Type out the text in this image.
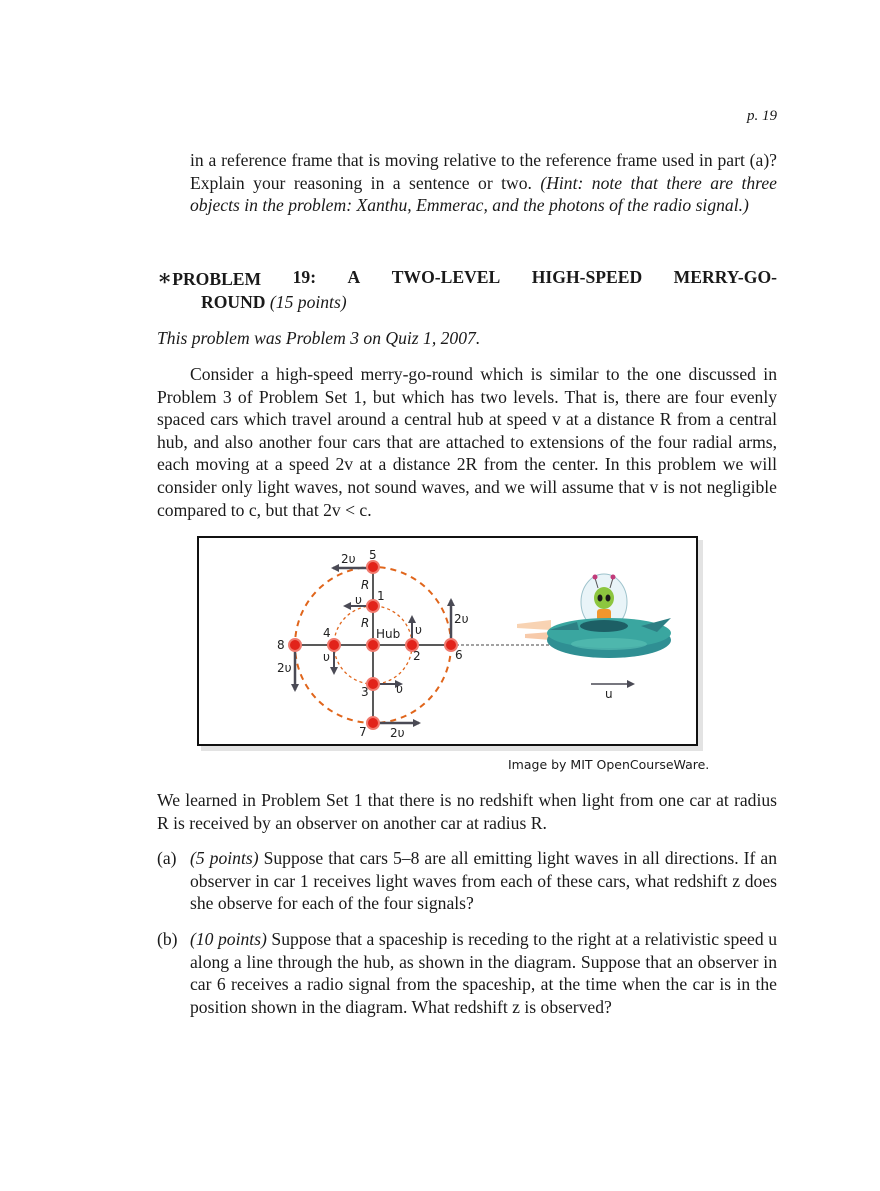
p. 19
in a reference frame that is moving relative to the reference frame used in part (a)? Explain your reasoning in a sentence or two. (Hint: note that there are three objects in the problem: Xanthu, Emmerac, and the photons of the radio signal.)
∗PROBLEM 19: A TWO-LEVEL HIGH-SPEED MERRY-GO-
ROUND (15 points)
This problem was Problem 3 on Quiz 1, 2007.
Consider a high-speed merry-go-round which is similar to the one discussed in Problem 3 of Problem Set 1, but which has two levels. That is, there are four evenly spaced cars which travel around a central hub at speed v at a distance R from a central hub, and also another four cars that are attached to extensions of the four radial arms, each moving at a speed 2v at a distance 2R from the center. In this problem we will consider only light waves, not sound waves, and we will assume that v is not negligible compared to c, but that 2v < c.
1
2
3
4
5
6
7
8
Hub
R
R
2υ
υ
υ
2υ
υ
2υ
υ
2υ
u
Image by MIT OpenCourseWare.
We learned in Problem Set 1 that there is no redshift when light from one car at radius R is received by an observer on another car at radius R.
(a) (5 points) Suppose that cars 5–8 are all emitting light waves in all directions. If an observer in car 1 receives light waves from each of these cars, what redshift z does she observe for each of the four signals?
(b) (10 points) Suppose that a spaceship is receding to the right at a relativistic speed u along a line through the hub, as shown in the diagram. Suppose that an observer in car 6 receives a radio signal from the spaceship, at the time when the car is in the position shown in the diagram. What redshift z is observed?
